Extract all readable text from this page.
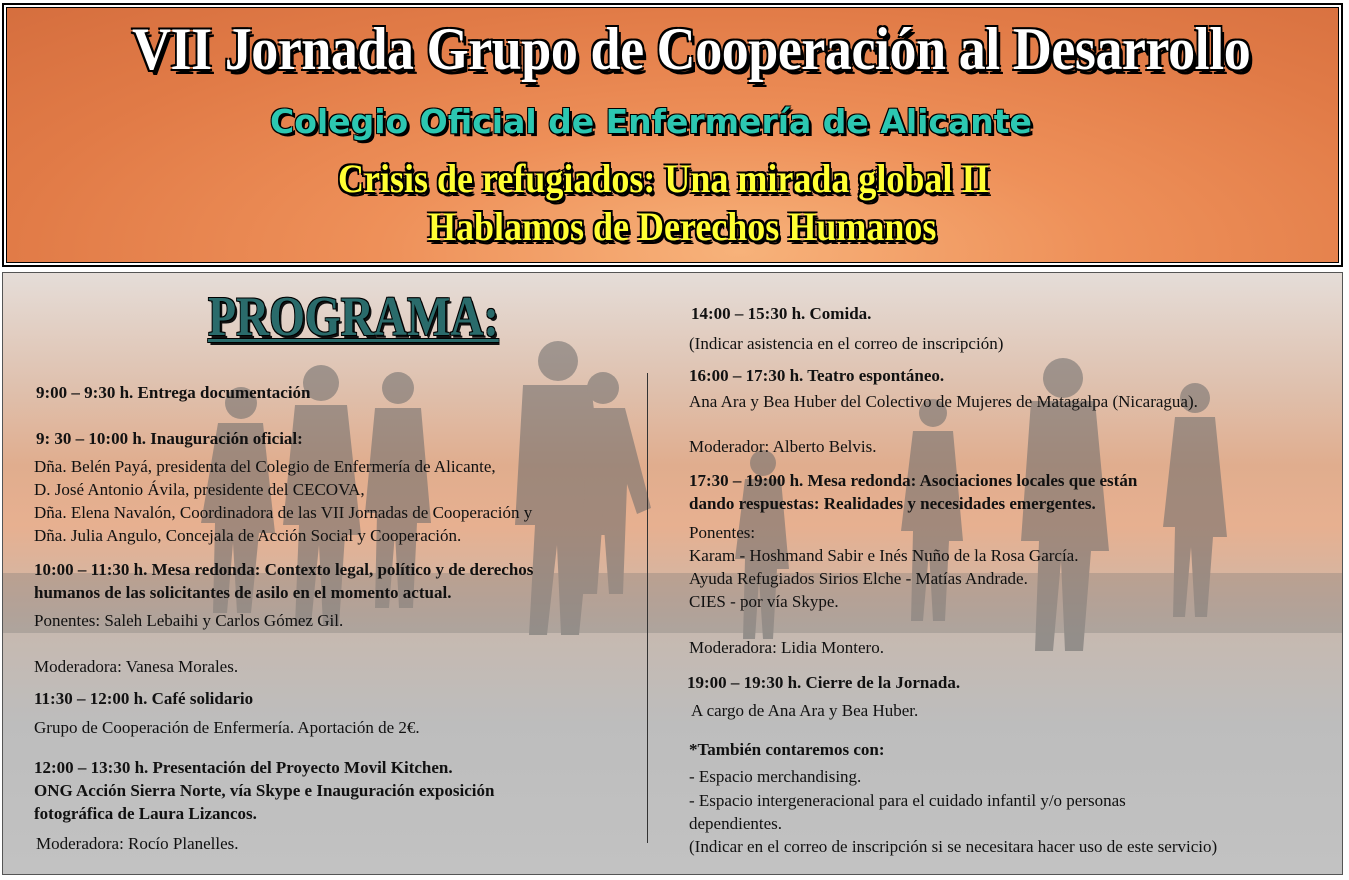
VII Jornada Grupo de Cooperación al Desarrollo

Colegio Oficial de Enfermería de Alicante

Crisis de refugiados: Una mirada global II

Hablamos de Derechos Humanos

PROGRAMA:

9:00 – 9:30 h. Entrega documentación

9: 30 – 10:00 h. Inauguración oficial:

Dña. Belén Payá, presidenta del Colegio de Enfermería de Alicante,

D. José Antonio Ávila, presidente del CECOVA,

Dña. Elena Navalón, Coordinadora de las VII Jornadas de Cooperación y

Dña. Julia Angulo, Concejala de Acción Social y Cooperación.

10:00 – 11:30 h. Mesa redonda: Contexto legal, político y de derechos

humanos de las solicitantes de asilo en el momento actual.

Ponentes: Saleh Lebaihi y Carlos Gómez Gil.

Moderadora: Vanesa Morales.

11:30 – 12:00 h. Café solidario

Grupo de Cooperación de Enfermería. Aportación de 2€.

12:00 – 13:30 h. Presentación del Proyecto Movil Kitchen.

ONG Acción Sierra Norte, vía Skype e Inauguración exposición

fotográfica de Laura Lizancos.

Moderadora: Rocío Planelles.

14:00 – 15:30 h. Comida.

(Indicar asistencia en el correo de inscripción)

16:00 – 17:30 h. Teatro espontáneo.

Ana Ara y Bea Huber del Colectivo de Mujeres de Matagalpa (Nicaragua).

Moderador: Alberto Belvis.

17:30 – 19:00 h. Mesa redonda: Asociaciones locales que están

dando respuestas: Realidades y necesidades emergentes.

Ponentes:

Karam - Hoshmand Sabir e Inés Nuño de la Rosa García.

Ayuda Refugiados Sirios Elche - Matías Andrade.

CIES - por vía Skype.

Moderadora: Lidia Montero.

19:00 – 19:30 h. Cierre de la Jornada.

A cargo de Ana Ara y Bea Huber.

*También contaremos con:

- Espacio merchandising.

- Espacio intergeneracional para el cuidado infantil y/o personas

dependientes.

(Indicar en el correo de inscripción si se necesitara hacer uso de este servicio)
